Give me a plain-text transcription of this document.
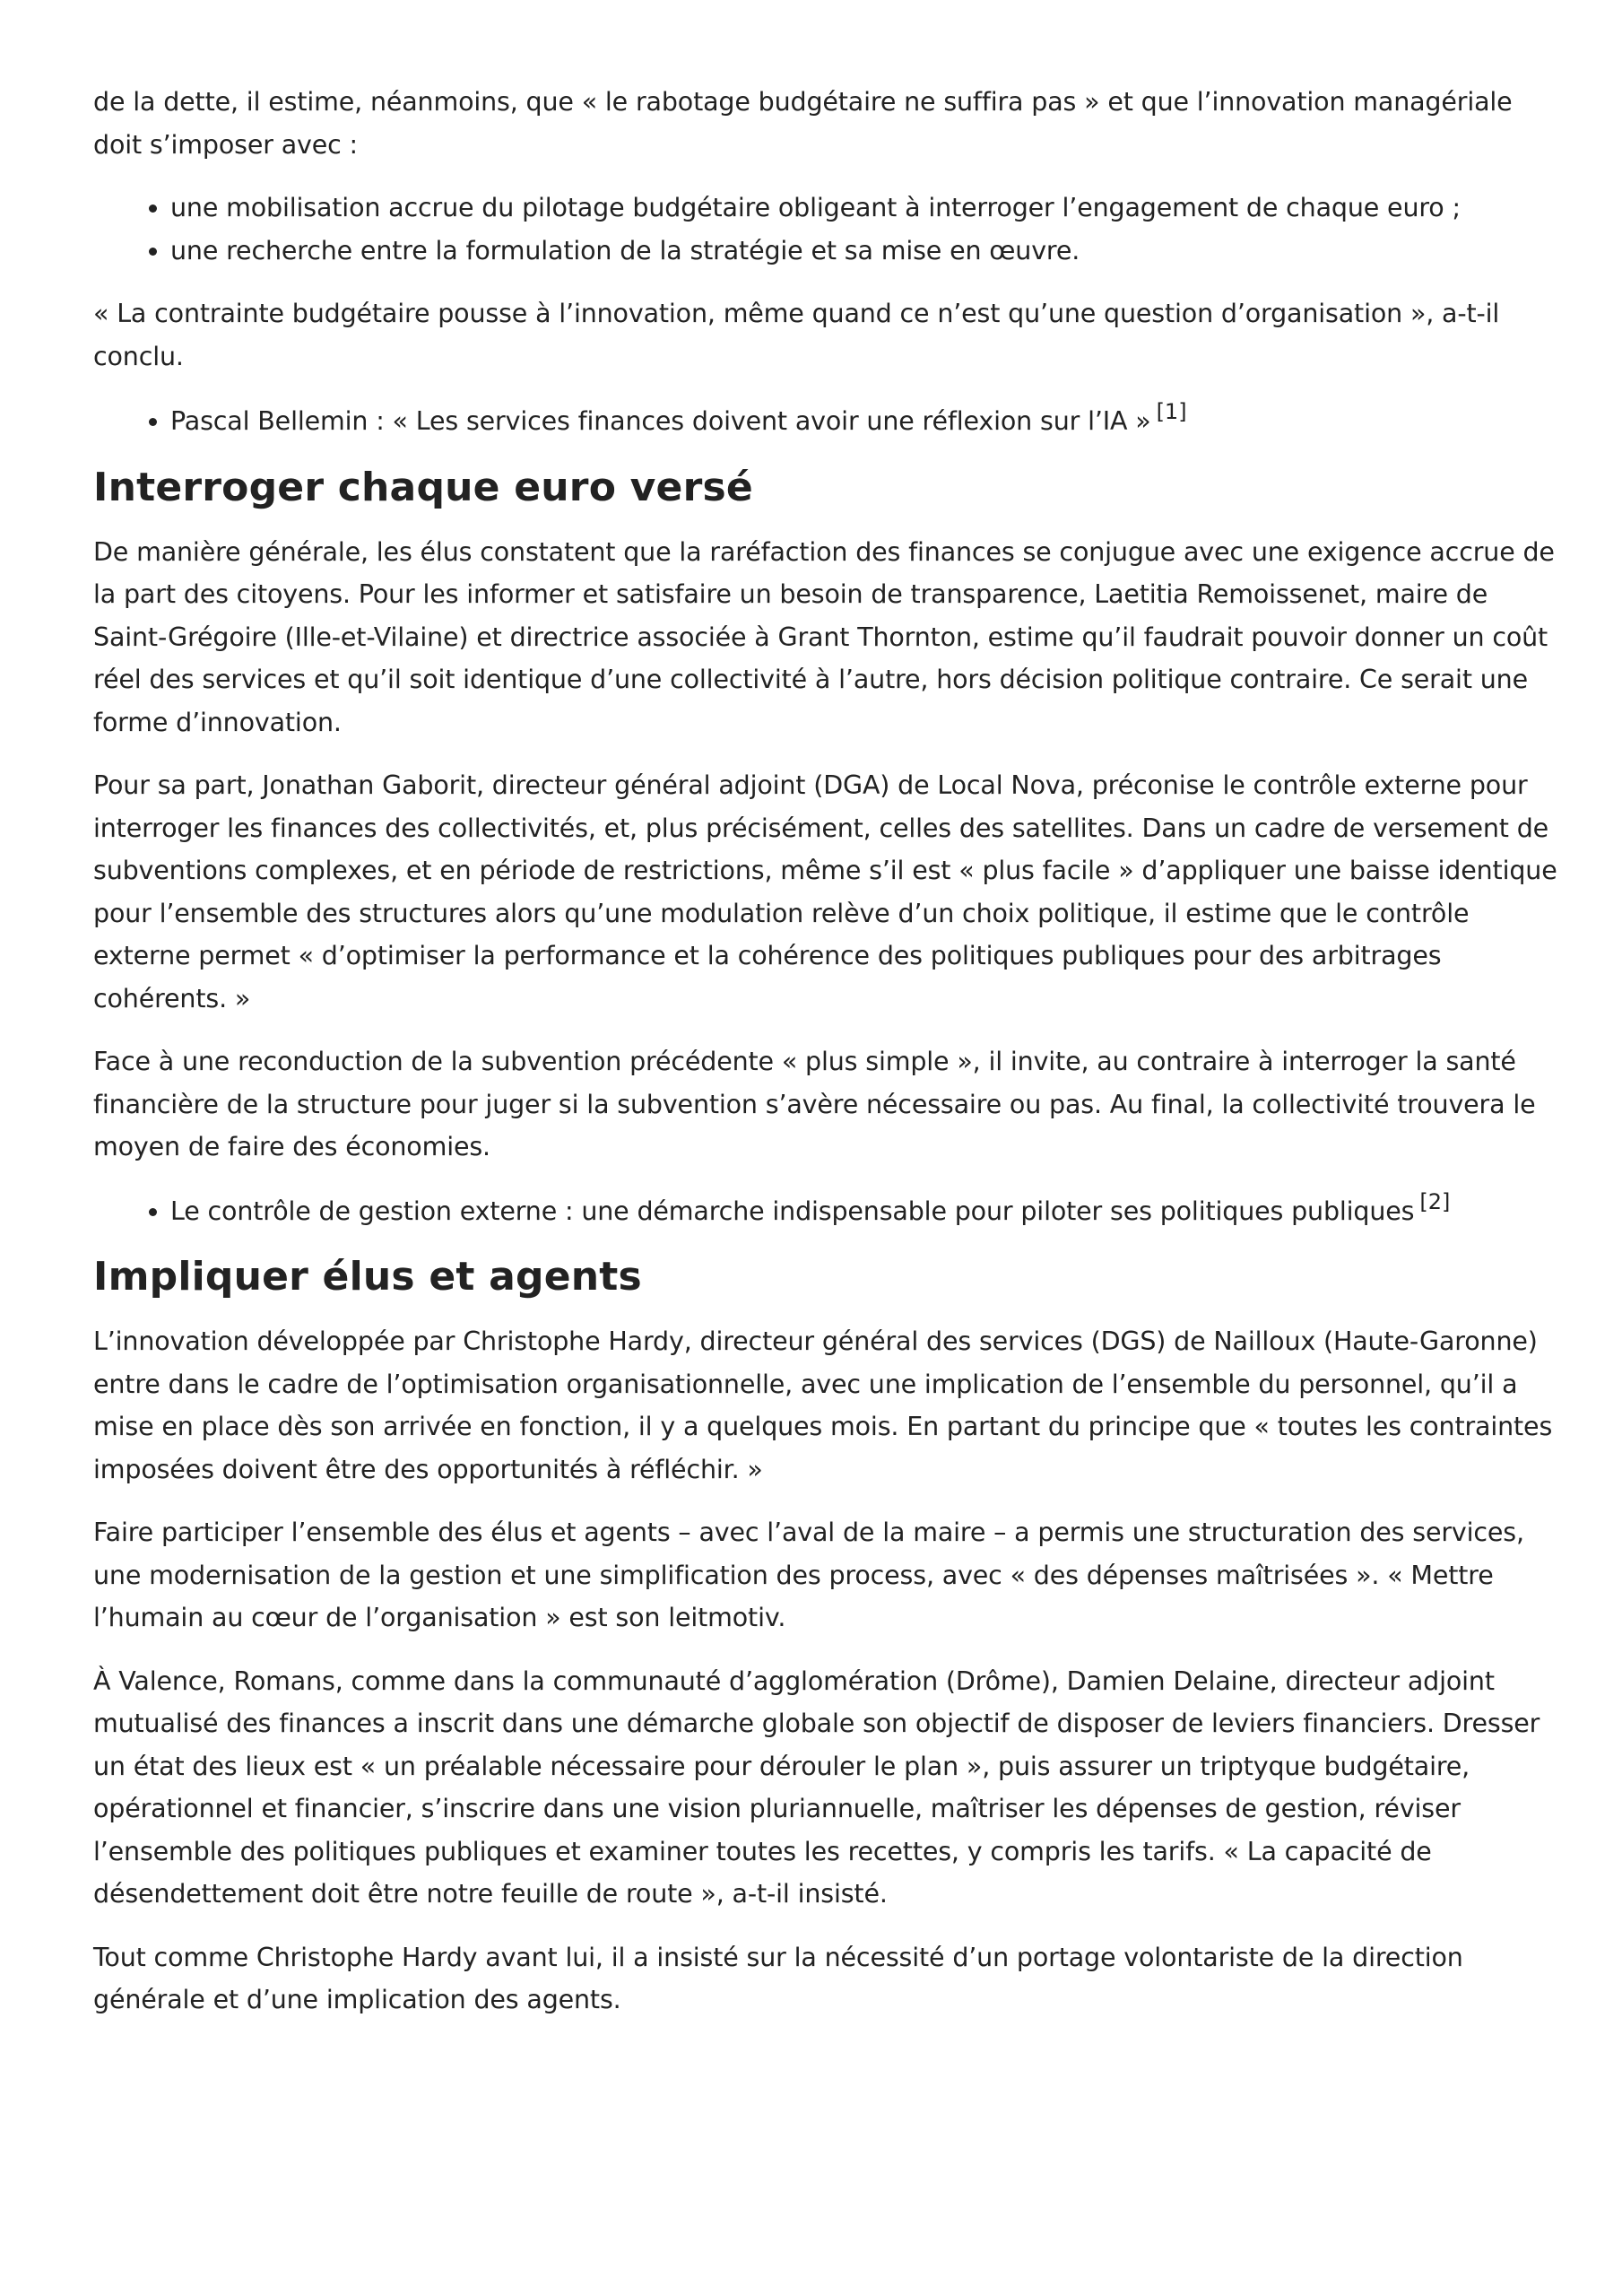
de la dette, il estime, néanmoins, que « le rabotage budgétaire ne suffira pas » et que l’innovation managériale doit s’imposer avec :

• une mobilisation accrue du pilotage budgétaire obligeant à interroger l’engagement de chaque euro ;
• une recherche entre la formulation de la stratégie et sa mise en œuvre.

« La contrainte budgétaire pousse à l’innovation, même quand ce n’est qu’une question d’organisation », a-t-il conclu.

• Pascal Bellemin : « Les services finances doivent avoir une réflexion sur l’IA » [1]
Interroger chaque euro versé

De manière générale, les élus constatent que la raréfaction des finances se conjugue avec une exigence accrue de la part des citoyens. Pour les informer et satisfaire un besoin de transparence, Laetitia Remoissenet, maire de Saint-Grégoire (Ille-et-Vilaine) et directrice associée à Grant Thornton, estime qu’il faudrait pouvoir donner un coût réel des services et qu’il soit identique d’une collectivité à l’autre, hors décision politique contraire. Ce serait une forme d’innovation.

Pour sa part, Jonathan Gaborit, directeur général adjoint (DGA) de Local Nova, préconise le contrôle externe pour interroger les finances des collectivités, et, plus précisément, celles des satellites. Dans un cadre de versement de subventions complexes, et en période de restrictions, même s’il est « plus facile » d’appliquer une baisse identique pour l’ensemble des structures alors qu’une modulation relève d’un choix politique, il estime que le contrôle externe permet « d’optimiser la performance et la cohérence des politiques publiques pour des arbitrages cohérents. »

Face à une reconduction de la subvention précédente « plus simple », il invite, au contraire à interroger la santé financière de la structure pour juger si la subvention s’avère nécessaire ou pas. Au final, la collectivité trouvera le moyen de faire des économies.

• Le contrôle de gestion externe : une démarche indispensable pour piloter ses politiques publiques [2]
Impliquer élus et agents

L’innovation développée par Christophe Hardy, directeur général des services (DGS) de Nailloux (Haute-Garonne) entre dans le cadre de l’optimisation organisationnelle, avec une implication de l’ensemble du personnel, qu’il a mise en place dès son arrivée en fonction, il y a quelques mois. En partant du principe que « toutes les contraintes imposées doivent être des opportunités à réfléchir. »

Faire participer l’ensemble des élus et agents – avec l’aval de la maire – a permis une structuration des services, une modernisation de la gestion et une simplification des process, avec « des dépenses maîtrisées ». « Mettre l’humain au cœur de l’organisation » est son leitmotiv.

À Valence, Romans, comme dans la communauté d’agglomération (Drôme), Damien Delaine, directeur adjoint mutualisé des finances a inscrit dans une démarche globale son objectif de disposer de leviers financiers. Dresser un état des lieux est « un préalable nécessaire pour dérouler le plan », puis assurer un triptyque budgétaire, opérationnel et financier, s’inscrire dans une vision pluriannuelle, maîtriser les dépenses de gestion, réviser l’ensemble des politiques publiques et examiner toutes les recettes, y compris les tarifs. « La capacité de désendettement doit être notre feuille de route », a-t-il insisté.

Tout comme Christophe Hardy avant lui, il a insisté sur la nécessité d’un portage volontariste de la direction générale et d’une implication des agents.
